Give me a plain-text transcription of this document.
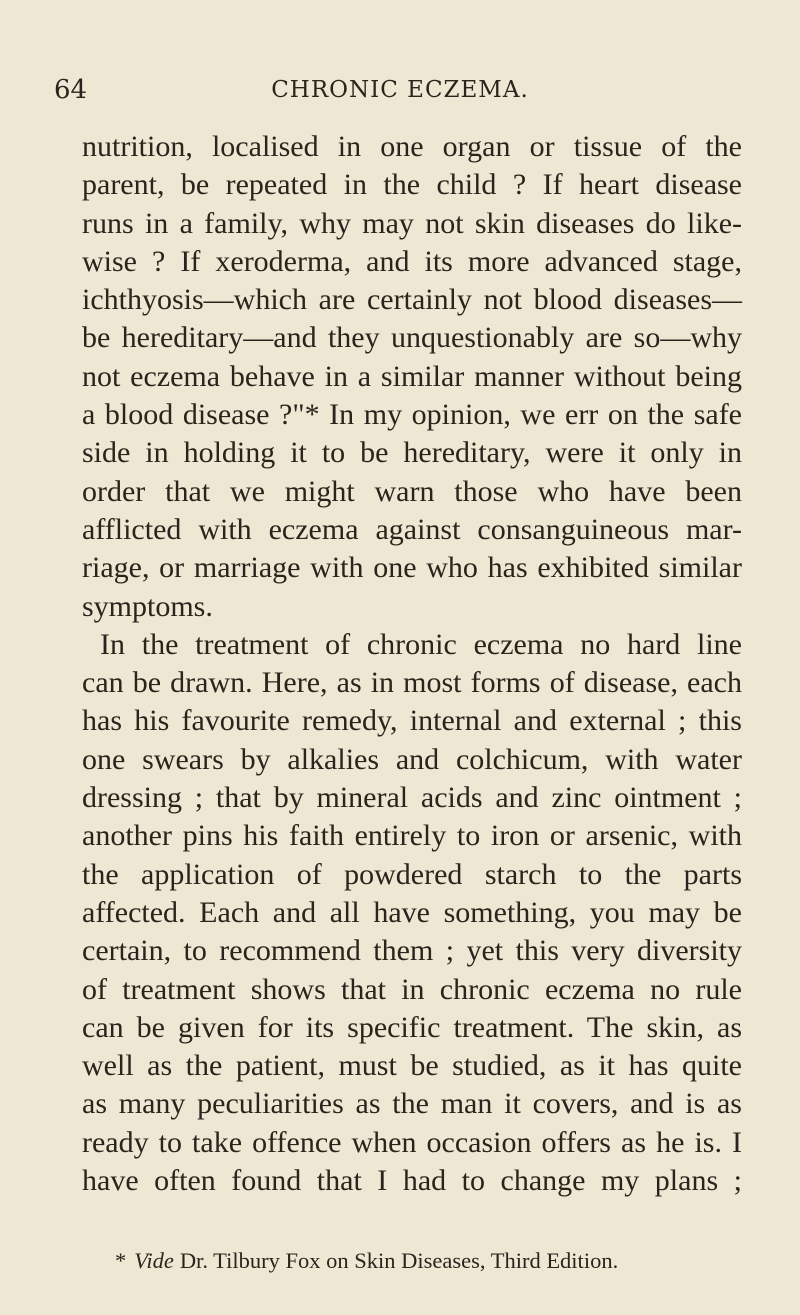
64	CHRONIC ECZEMA.
nutrition, localised in one organ or tissue of the
parent, be repeated in the child ? If heart disease
runs in a family, why may not skin diseases do like-
wise ? If xeroderma, and its more advanced stage,
ichthyosis—which are certainly not blood diseases—
be hereditary—and they unquestionably are so—why
not eczema behave in a similar manner without being
a blood disease ?"* In my opinion, we err on the safe
side in holding it to be hereditary, were it only in
order that we might warn those who have been
afflicted with eczema against consanguineous mar-
riage, or marriage with one who has exhibited similar
symptoms.
In the treatment of chronic eczema no hard line
can be drawn. Here, as in most forms of disease, each
has his favourite remedy, internal and external ; this
one swears by alkalies and colchicum, with water
dressing ; that by mineral acids and zinc ointment ;
another pins his faith entirely to iron or arsenic, with
the application of powdered starch to the parts
affected. Each and all have something, you may be
certain, to recommend them ; yet this very diversity
of treatment shows that in chronic eczema no rule
can be given for its specific treatment. The skin, as
well as the patient, must be studied, as it has quite
as many peculiarities as the man it covers, and is as
ready to take offence when occasion offers as he is. I
have often found that I had to change my plans ;
* Vide Dr. Tilbury Fox on Skin Diseases, Third Edition.
